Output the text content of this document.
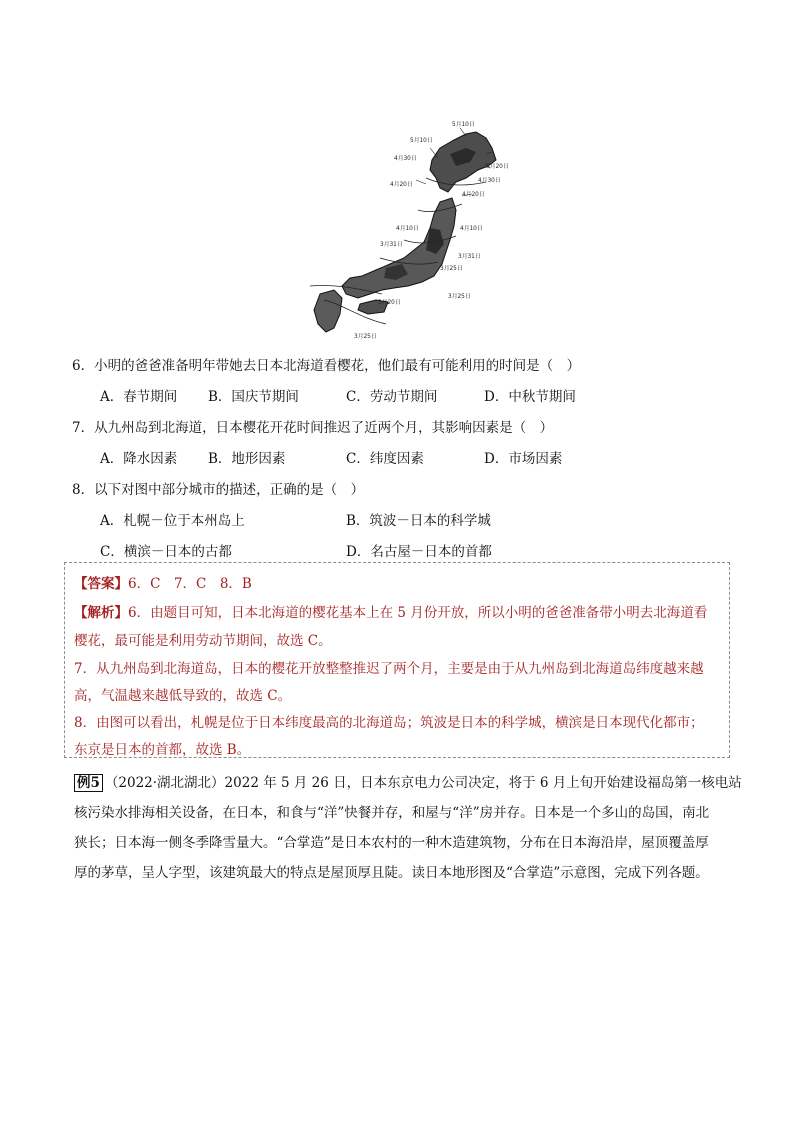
5月10日
5月10日
4月30日
5月20日
4月30日
4月20日
4月20日
4月10日	4月10日
3月31日
3月31日
3月25日
3月25日
3月20日
3月25日
6．小明的爸爸准备明年带她去日本北海道看樱花，他们最有可能利用的时间是（　）
A．春节期间 B．国庆节期间	C．劳动节期间	D．中秋节期间
7．从九州岛到北海道，日本樱花开花时间推迟了近两个月，其影响因素是（　）
A．降水因素 B．地形因素	C．纬度因素	D．市场因素
8．以下对图中部分城市的描述，正确的是（　）
A．札幌－位于本州岛上	B．筑波－日本的科学城
C．横滨－日本的古都	D．名古屋－日本的首都
【答案】6．C　7．C　8．B
【解析】6．由题目可知，日本北海道的樱花基本上在 5 月份开放，所以小明的爸爸准备带小明去北海道看
樱花，最可能是利用劳动节期间，故选 C。
7．从九州岛到北海道岛，日本的樱花开放整整推迟了两个月，主要是由于从九州岛到北海道岛纬度越来越
高，气温越来越低导致的，故选 C。
8．由图可以看出，札幌是位于日本纬度最高的北海道岛；筑波是日本的科学城，横滨是日本现代化都市；
东京是日本的首都，故选 B。
例5 （2022·湖北湖北）2022 年 5 月 26 日，日本东京电力公司决定，将于 6 月上旬开始建设福岛第一核电站
核污染水排海相关设备，在日本，和食与“洋”快餐并存，和屋与“洋”房并存。日本是一个多山的岛国，南北
狭长；日本海一侧冬季降雪量大。“合掌造”是日本农村的一种木造建筑物，分布在日本海沿岸，屋顶覆盖厚
厚的茅草，呈人字型，该建筑最大的特点是屋顶厚且陡。读日本地形图及“合掌造”示意图，完成下列各题。
